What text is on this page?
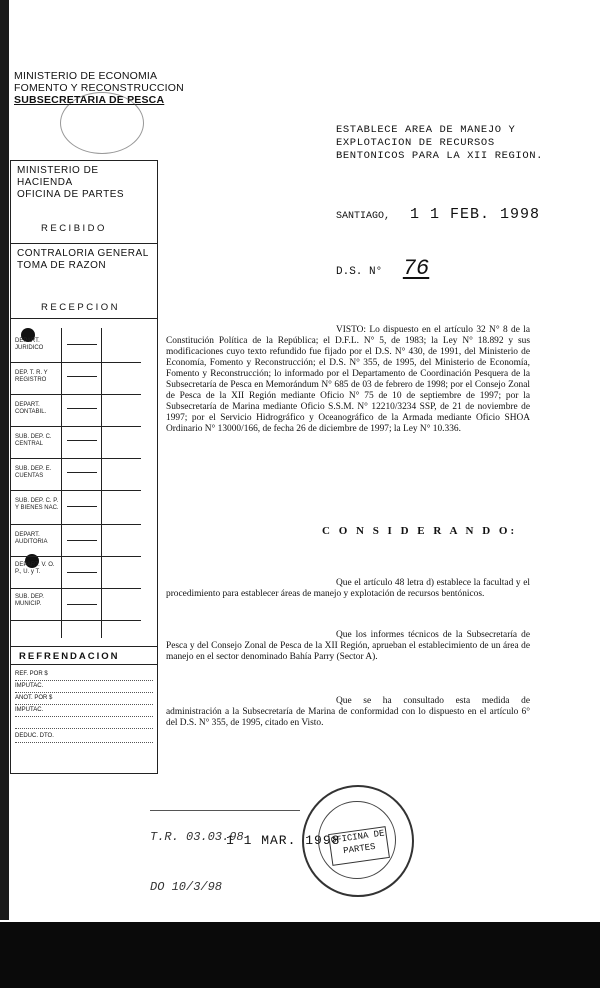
MINISTERIO DE ECONOMIA
FOMENTO Y RECONSTRUCCION
SUBSECRETARIA DE PESCA
MINISTERIO DE HACIENDA
OFICINA DE PARTES
RECIBIDO
CONTRALORIA GENERAL
TOMA DE RAZON
RECEPCION
DEPART. JURIDICO
DEP. T. R. Y REGISTRO
DEPART. CONTABIL.
SUB. DEP. C. CENTRAL
SUB. DEP. E. CUENTAS
SUB. DEP. C. P. Y BIENES NAC.
DEPART. AUDITORIA
DEPART. V. O. P., U. y T.
SUB. DEP. MUNICIP.
REFRENDACION
REF. POR $
IMPUTAC.
ANOT. POR $
IMPUTAC.
DEDUC. DTO.
ESTABLECE AREA DE MANEJO Y EXPLOTACION DE RECURSOS BENTONICOS PARA LA XII REGION.
SANTIAGO, 1 1 FEB. 1998
D.S. N° 76
VISTO: Lo dispuesto en el artículo 32 N° 8 de la Constitución Política de la República; el D.F.L. N° 5, de 1983; la Ley N° 18.892 y sus modificaciones cuyo texto refundido fue fijado por el D.S. N° 430, de 1991, del Ministerio de Economía, Fomento y Reconstrucción; el D.S. N° 355, de 1995, del Ministerio de Economía, Fomento y Reconstrucción; lo informado por el Departamento de Coordinación Pesquera de la Subsecretaría de Pesca en Memorándum N° 685 de 03 de febrero de 1998; por el Consejo Zonal de Pesca de la XII Región mediante Oficio N° 75 de 10 de septiembre de 1997; por la Subsecretaría de Marina mediante Oficio S.S.M. N° 12210/3234 SSP, de 21 de noviembre de 1997; por el Servicio Hidrográfico y Oceanográfico de la Armada mediante Oficio SHOA Ordinario N° 13000/166, de fecha 26 de diciembre de 1997; la Ley N° 10.336.
C O N S I D E R A N D O:
Que el artículo 48 letra d) establece la facultad y el procedimiento para establecer áreas de manejo y explotación de recursos bentónicos.
Que los informes técnicos de la Subsecretaría de Pesca y del Consejo Zonal de Pesca de la XII Región, aprueban el establecimiento de un área de manejo en el sector denominado Bahía Parry (Sector A).
Que se ha consultado esta medida de administración a la Subsecretaría de Marina de conformidad con lo dispuesto en el artículo 6° del D.S. N° 355, de 1995, citado en Visto.
T.R. 03.03.98
DO 10/3/98
1 1 MAR. 1998
OFICINA DE PARTES
